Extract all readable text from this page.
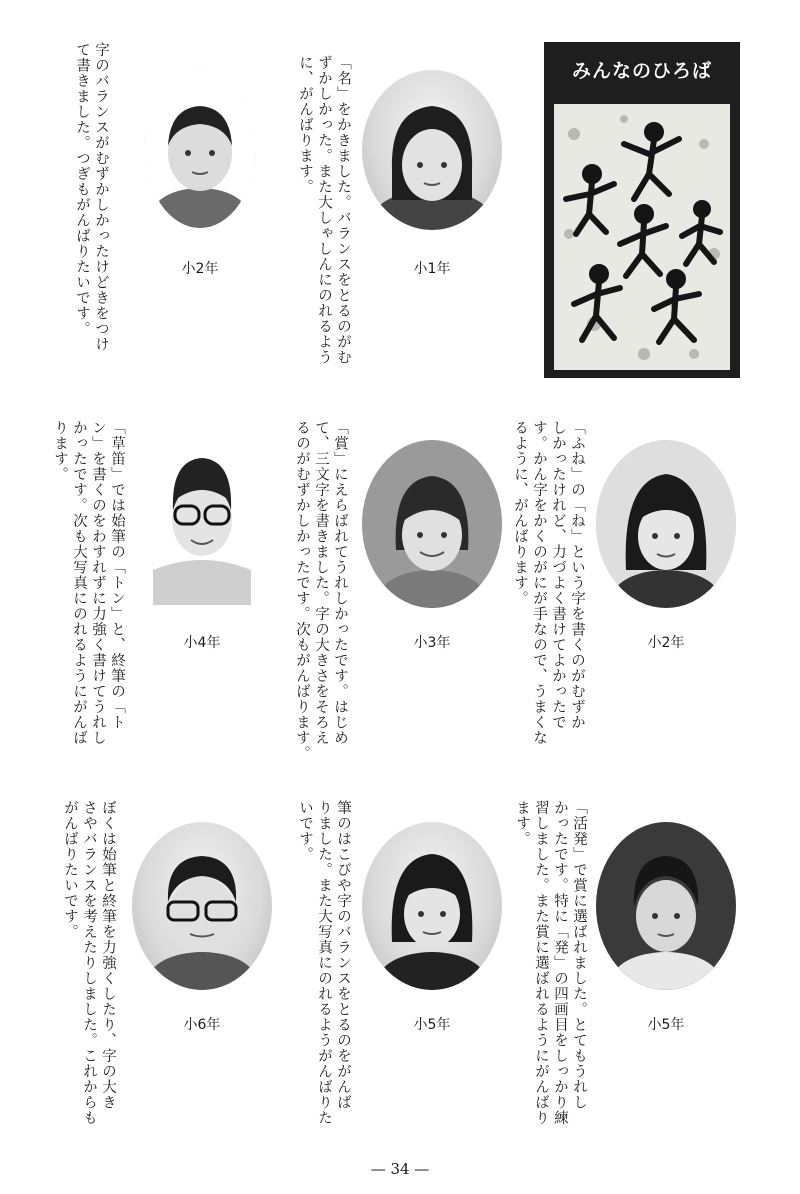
みんなのひろば
字のバランスがむずかしかったけどきをつけ
て書きました。つぎもがんばりたいです。	小2年	「名」をかきました。バランスをとるのがむ
ずかしかった。また大しゃしんにのれるよう
に、がんばります。
小1年
「草笛」では始筆の「トン」と、終筆の「ト
ン」を書くのをわすれずに力強く書けてうれし
かったです。次も大写真にのれるようにがんば
ります。
小4年	「賞」にえらばれてうれしかったです。はじめ
て、三文字を書きました。字の大きさをそろえ
るのがむずかしかったです。次もがんばります。	小3年	「ふね」の「ね」という字を書くのがむずか
しかったけれど、力づよく書けてよかったで
す。かん字をかくのがにが手なので、うまくな
るように、がんばります。
小2年
ぼくは始筆と終筆を力強くしたり、字の大き
さやバランスを考えたりしました。これからも
がんばりたいです。
小6年	筆のはこびや字のバランスをとるのをがんば
りました。また大写真にのれるようがんばりた
いです。
小5年	「活発」で賞に選ばれました。とてもうれし
かったです。特に「発」の四画目をしっかり練
習しました。また賞に選ばれるようにがんばり
ます。
小5年
— 34 —
